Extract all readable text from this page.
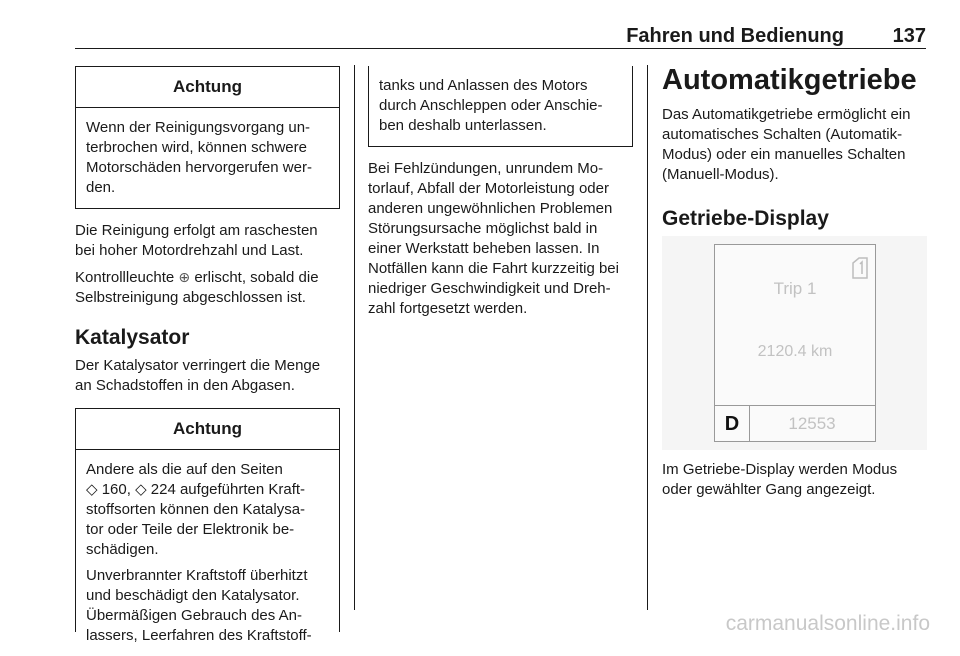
Fahren und Bedienung 137
Achtung

Wenn der Reinigungsvorgang un-

terbrochen wird, können schwere

Motorschäden hervorgerufen wer-

den.

Die Reinigung erfolgt am raschesten

bei hoher Motordrehzahl und Last.

Kontrollleuchte ⊕ erlischt, sobald die

Selbstreinigung abgeschlossen ist.

Katalysator

Der Katalysator verringert die Menge

an Schadstoffen in den Abgasen.

Achtung

Andere als die auf den Seiten

◇ 160, ◇ 224 aufgeführten Kraft-

stoffsorten können den Katalysa-

tor oder Teile der Elektronik be-

schädigen.

Unverbrannter Kraftstoff überhitzt

und beschädigt den Katalysator.

Übermäßigen Gebrauch des An-

lassers, Leerfahren des Kraftstoff-

tanks und Anlassen des Motors

durch Anschleppen oder Anschie-

ben deshalb unterlassen.

Bei Fehlzündungen, unrundem Mo-

torlauf, Abfall der Motorleistung oder

anderen ungewöhnlichen Problemen

Störungsursache möglichst bald in

einer Werkstatt beheben lassen. In

Notfällen kann die Fahrt kurzzeitig bei

niedriger Geschwindigkeit und Dreh-

zahl fortgesetzt werden.

Automatikgetriebe

Das Automatikgetriebe ermöglicht ein

automatisches Schalten (Automatik-

Modus) oder ein manuelles Schalten

(Manuell-Modus).

Getriebe-Display
Trip 1
2120.4 km
D	12553

Im Getriebe-Display werden Modus

oder gewählter Gang angezeigt.

carmanualsonline.info
